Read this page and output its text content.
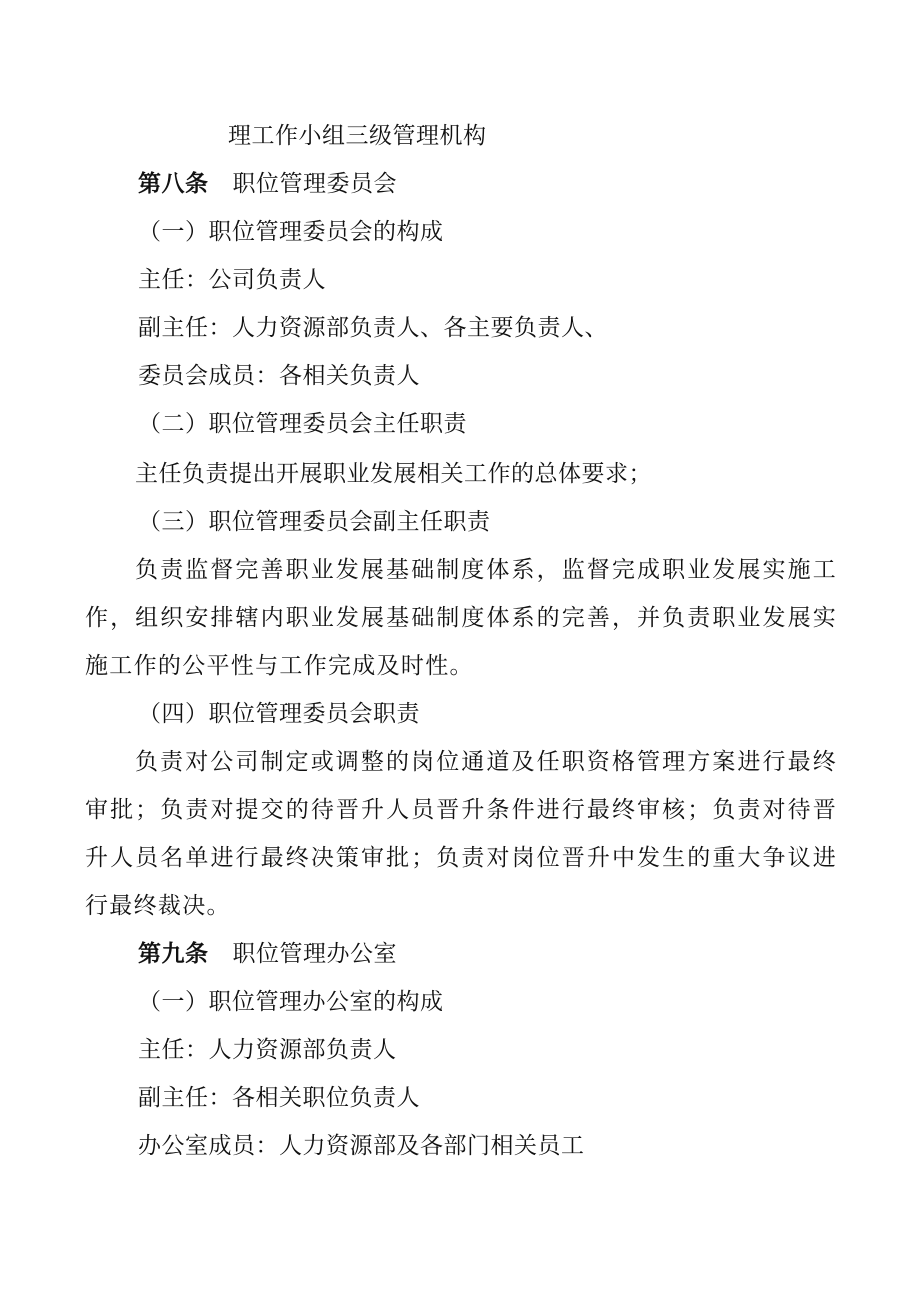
理工作小组三级管理机构
第八条 职位管理委员会
（一）职位管理委员会的构成
主任：公司负责人
副主任：人力资源部负责人、各主要负责人、
委员会成员：各相关负责人
（二）职位管理委员会主任职责
主任负责提出开展职业发展相关工作的总体要求；
（三）职位管理委员会副主任职责

负责监督完善职业发展基础制度体系，监督完成职业发展实施工作，组织安排辖内职业发展基础制度体系的完善，并负责职业发展实施工作的公平性与工作完成及时性。

（四）职位管理委员会职责

负责对公司制定或调整的岗位通道及任职资格管理方案进行最终审批；负责对提交的待晋升人员晋升条件进行最终审核；负责对待晋升人员名单进行最终决策审批；负责对岗位晋升中发生的重大争议进行最终裁决。

第九条 职位管理办公室
（一）职位管理办公室的构成
主任：人力资源部负责人
副主任：各相关职位负责人
办公室成员：人力资源部及各部门相关员工
